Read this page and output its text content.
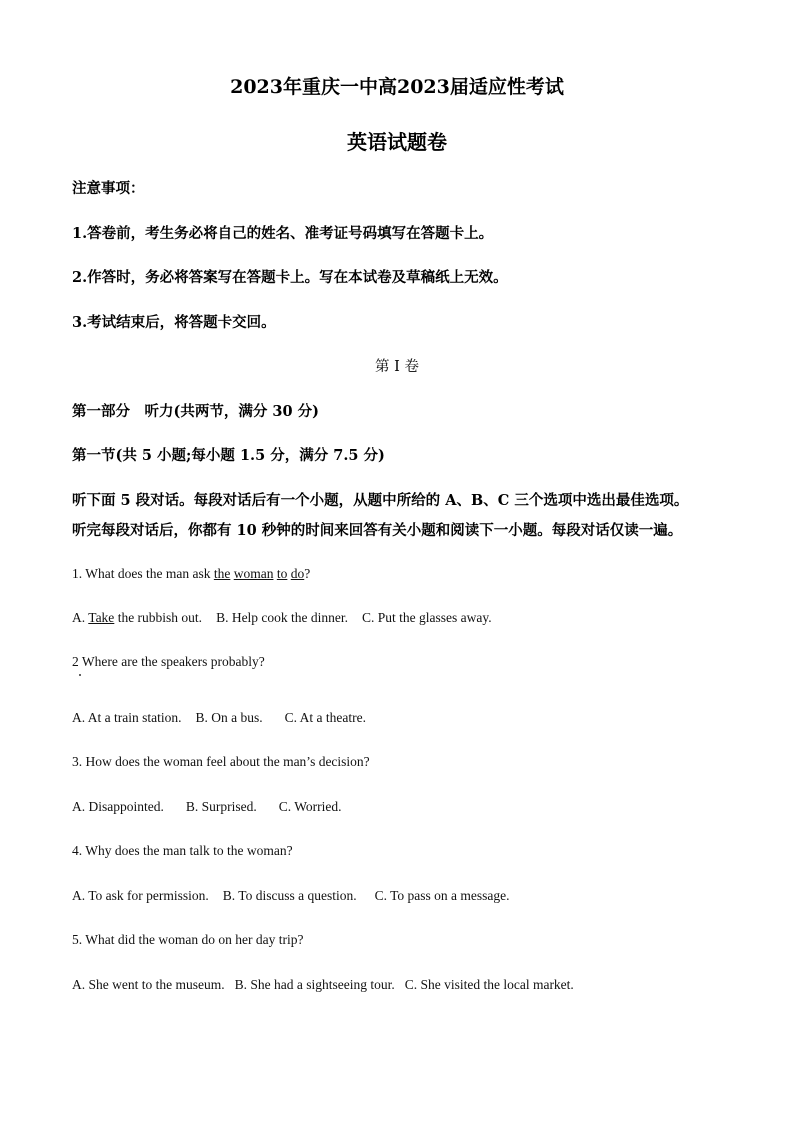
2023年重庆一中高2023届适应性考试
英语试题卷
注意事项：
1.答卷前，考生务必将自己的姓名、准考证号码填写在答题卡上。
2.作答时，务必将答案写在答题卡上。写在本试卷及草稿纸上无效。
3.考试结束后，将答题卡交回。
第 I 卷
第一部分　听力(共两节，满分 30 分)
第一节(共 5 小题;每小题 1.5 分，满分 7.5 分)
听下面 5 段对话。每段对话后有一个小题，从题中所给的 A、B、C 三个选项中选出最佳选项。
听完每段对话后，你都有 10 秒钟的时间来回答有关小题和阅读下一小题。每段对话仅读一遍。
1. What does the man ask the woman to do?
A. Take the rubbish out. B. Help cook the dinner. C. Put the glasses away.
2 Where are the speakers probably?
A. At a train station. B. On a bus. C. At a theatre.
3. How does the woman feel about the man’s decision?
A. Disappointed. B. Surprised. C. Worried.
4. Why does the man talk to the woman?
A. To ask for permission. B. To discuss a question. C. To pass on a message.
5. What did the woman do on her day trip?
A. She went to the museum. B. She had a sightseeing tour. C. She visited the local market.
